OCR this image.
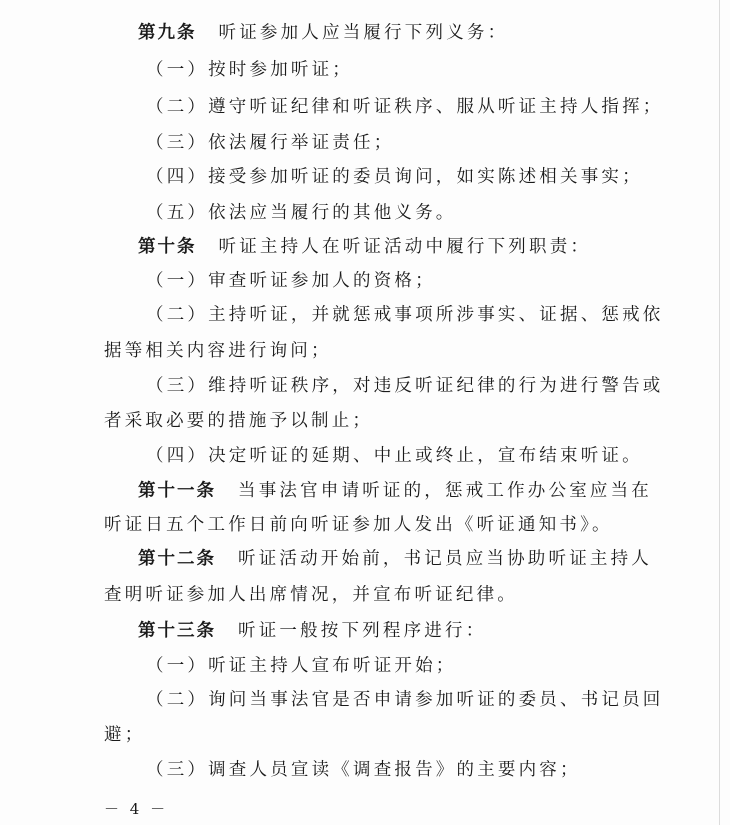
第九条 听证参加人应当履行下列义务：
（一）按时参加听证；
（二）遵守听证纪律和听证秩序、服从听证主持人指挥；
（三）依法履行举证责任；
（四）接受参加听证的委员询问，如实陈述相关事实；
（五）依法应当履行的其他义务。
第十条 听证主持人在听证活动中履行下列职责：
（一）审查听证参加人的资格；
（二）主持听证，并就惩戒事项所涉事实、证据、惩戒依
据等相关内容进行询问；
（三）维持听证秩序，对违反听证纪律的行为进行警告或
者采取必要的措施予以制止；
（四）决定听证的延期、中止或终止，宣布结束听证。
第十一条 当事法官申请听证的，惩戒工作办公室应当在
听证日五个工作日前向听证参加人发出《听证通知书》。
第十二条 听证活动开始前，书记员应当协助听证主持人
查明听证参加人出席情况，并宣布听证纪律。
第十三条 听证一般按下列程序进行：
（一）听证主持人宣布听证开始；
（二）询问当事法官是否申请参加听证的委员、书记员回
避；
（三）调查人员宣读《调查报告》的主要内容；
－ 4 －
